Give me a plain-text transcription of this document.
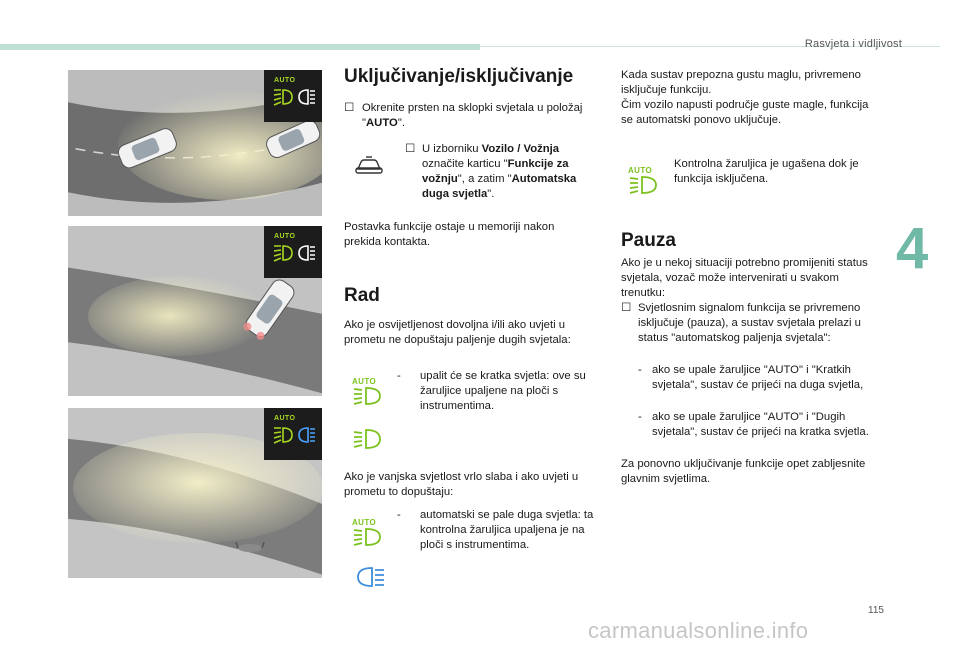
Rasvjeta i vidljivost
4
AUTO
AUTO
AUTO
Uključivanje/isključivanje
☐ Okrenite prsten na sklopki svjetala u položaj "AUTO".
☐ U izborniku Vozilo / Vožnja označite karticu "Funkcije za vožnju", a zatim "Automatska duga svjetla".
Postavka funkcije ostaje u memoriji nakon prekida kontakta.
Rad
Ako je osvijetljenost dovoljna i/ili ako uvjeti u prometu ne dopuštaju paljenje dugih svjetala:
AUTO	- upalit će se kratka svjetla: ove su žaruljice upaljene na ploči s instrumentima.
Ako je vanjska svjetlost vrlo slaba i ako uvjeti u prometu to dopuštaju:
AUTO
- automatski se pale duga svjetla: ta kontrolna žaruljica upaljena je na ploči s instrumentima.
Kada sustav prepozna gustu maglu, privremeno isključuje funkciju.
Čim vozilo napusti područje guste magle, funkcija se automatski ponovo uključuje.
AUTO
Kontrolna žaruljica je ugašena dok je funkcija isključena.
Pauza
Ako je u nekoj situaciji potrebno promijeniti status svjetala, vozač može intervenirati u svakom trenutku:
☐ Svjetlosnim signalom funkcija se privremeno isključuje (pauza), a sustav svjetala prelazi u status "automatskog paljenja svjetala":
- ako se upale žaruljice "AUTO" i "Kratkih svjetala", sustav će prijeći na duga svjetla,
- ako se upale žaruljice "AUTO" i "Dugih svjetala", sustav će prijeći na kratka svjetla.
Za ponovno uključivanje funkcije opet zabljesnite glavnim svjetlima.
115
carmanualsonline.info
